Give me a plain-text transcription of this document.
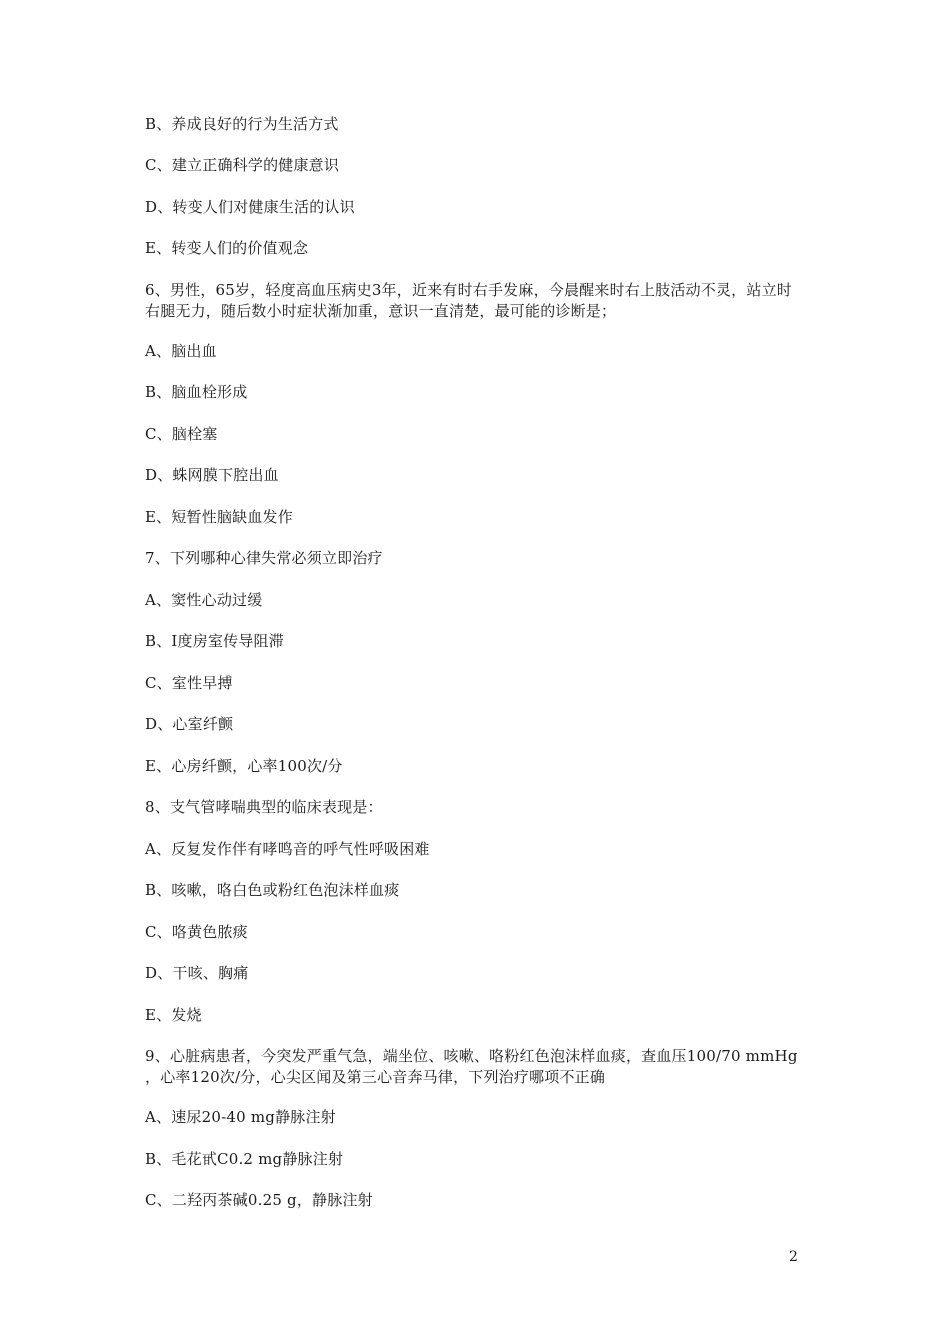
B、养成良好的行为生活方式
C、建立正确科学的健康意识
D、转变人们对健康生活的认识
E、转变人们的价值观念
6、男性，65岁，轻度高血压病史3年，近来有时右手发麻，今晨醒来时右上肢活动不灵，站立时右腿无力，随后数小时症状渐加重，意识一直清楚，最可能的诊断是；
A、脑出血
B、脑血栓形成
C、脑栓塞
D、蛛网膜下腔出血
E、短暂性脑缺血发作
7、下列哪种心律失常必须立即治疗
A、窦性心动过缓
B、I度房室传导阻滞
C、室性早搏
D、心室纤颤
E、心房纤颤，心率100次/分
8、支气管哮喘典型的临床表现是：
A、反复发作伴有哮鸣音的呼气性呼吸困难
B、咳嗽，咯白色或粉红色泡沫样血痰
C、咯黄色脓痰
D、干咳、胸痛
E、发烧
9、心脏病患者，今突发严重气急，端坐位、咳嗽、咯粉红色泡沫样血痰，查血压100/70 mmHg ，心率120次/分，心尖区闻及第三心音奔马律，下列治疗哪项不正确
A、速尿20-40 mg静脉注射
B、毛花甙C0.2 mg静脉注射
C、二羟丙茶碱0.25 g，静脉注射
2
